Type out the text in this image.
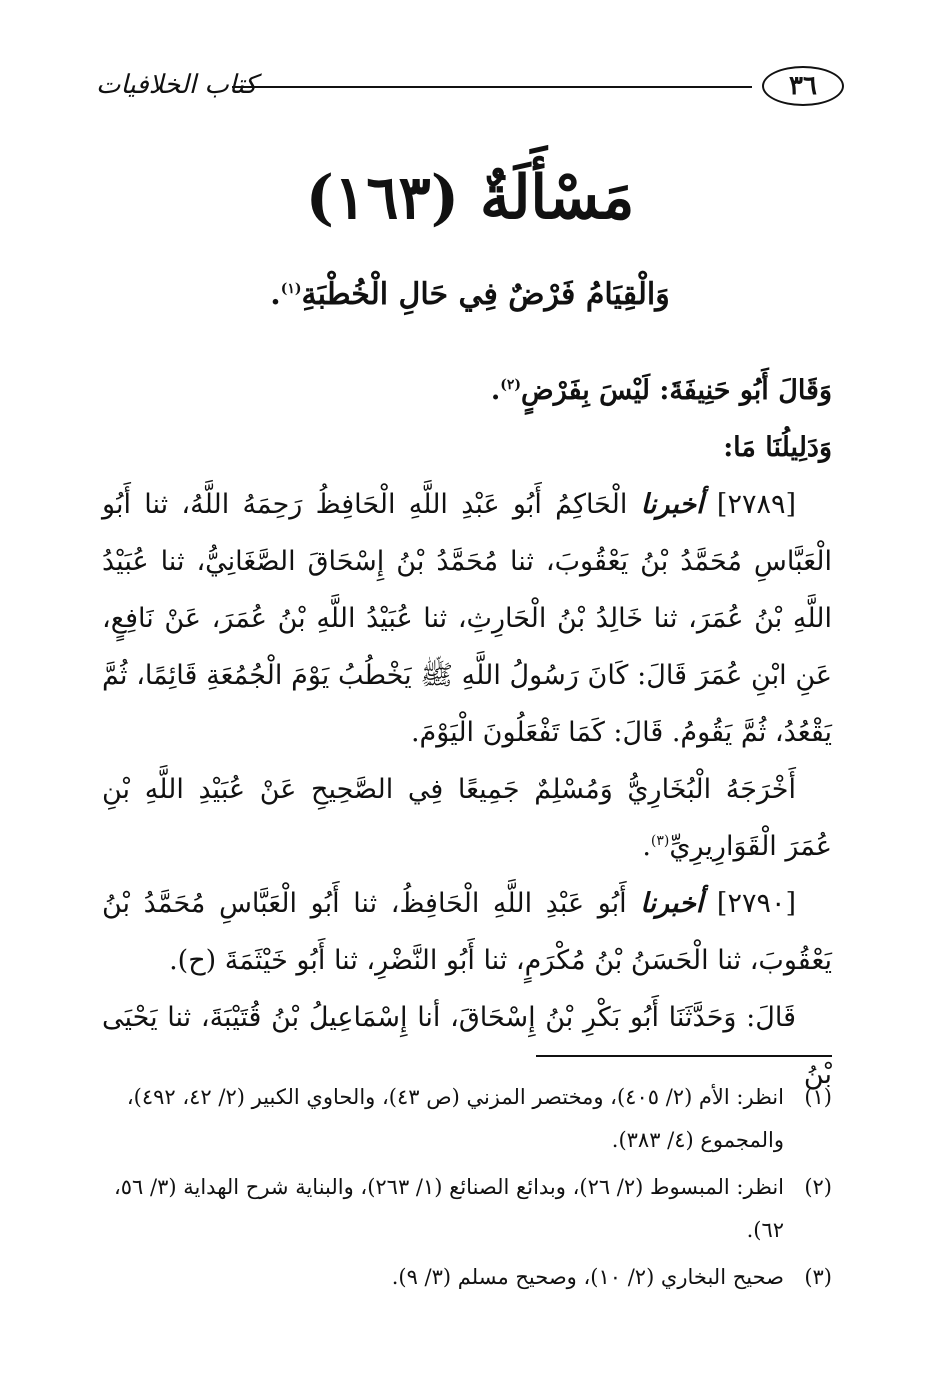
كتاب الخلافيات	٣٦
مَسْأَلَةٌ (١٦٣)
وَالْقِيَامُ فَرْضٌ فِي حَالِ الْخُطْبَةِ$^{(١)}$.

وَقَالَ أَبُو حَنِيفَةَ: لَيْسَ بِفَرْضٍ$^{(٢)}$.

وَدَلِيلُنَا مَا:

[٢٧٨٩] أخبرنا الْحَاكِمُ أَبُو عَبْدِ اللَّهِ الْحَافِظُ رَحِمَهُ اللَّهُ، ثنا أَبُو الْعَبَّاسِ مُحَمَّدُ بْنُ يَعْقُوبَ، ثنا مُحَمَّدُ بْنُ إِسْحَاقَ الصَّغَانِيُّ، ثنا عُبَيْدُ اللَّهِ بْنُ عُمَرَ، ثنا خَالِدُ بْنُ الْحَارِثِ، ثنا عُبَيْدُ اللَّهِ بْنُ عُمَرَ، عَنْ نَافِعٍ، عَنِ ابْنِ عُمَرَ قَالَ: كَانَ رَسُولُ اللَّهِ ﷺ يَخْطُبُ يَوْمَ الْجُمُعَةِ قَائِمًا، ثُمَّ يَقْعُدُ، ثُمَّ يَقُومُ. قَالَ: كَمَا تَفْعَلُونَ الْيَوْمَ.

أَخْرَجَهُ الْبُخَارِيُّ وَمُسْلِمٌ جَمِيعًا فِي الصَّحِيحِ عَنْ عُبَيْدِ اللَّهِ بْنِ عُمَرَ الْقَوَارِيرِيِّ$^{(٣)}$.

[٢٧٩٠] أخبرنا أَبُو عَبْدِ اللَّهِ الْحَافِظُ، ثنا أَبُو الْعَبَّاسِ مُحَمَّدُ بْنُ يَعْقُوبَ، ثنا الْحَسَنُ بْنُ مُكْرَمٍ، ثنا أَبُو النَّضْرِ، ثنا أَبُو خَيْثَمَةَ (ح).

قَالَ: وَحَدَّثَنَا أَبُو بَكْرِ بْنُ إِسْحَاقَ، أنا إِسْمَاعِيلُ بْنُ قُتَيْبَةَ، ثنا يَحْيَى بْنُ

(١)
انظر: الأم (٢/ ٤٠٥)، ومختصر المزني (ص ٤٣)، والحاوي الكبير (٢/ ٤٢، ٤٩٢)، والمجموع (٤/ ٣٨٣).
(٢)
انظر: المبسوط (٢/ ٢٦)، وبدائع الصنائع (١/ ٢٦٣)، والبناية شرح الهداية (٣/ ٥٦، ٦٢).
(٣)
صحيح البخاري (٢/ ١٠)، وصحيح مسلم (٣/ ٩).
